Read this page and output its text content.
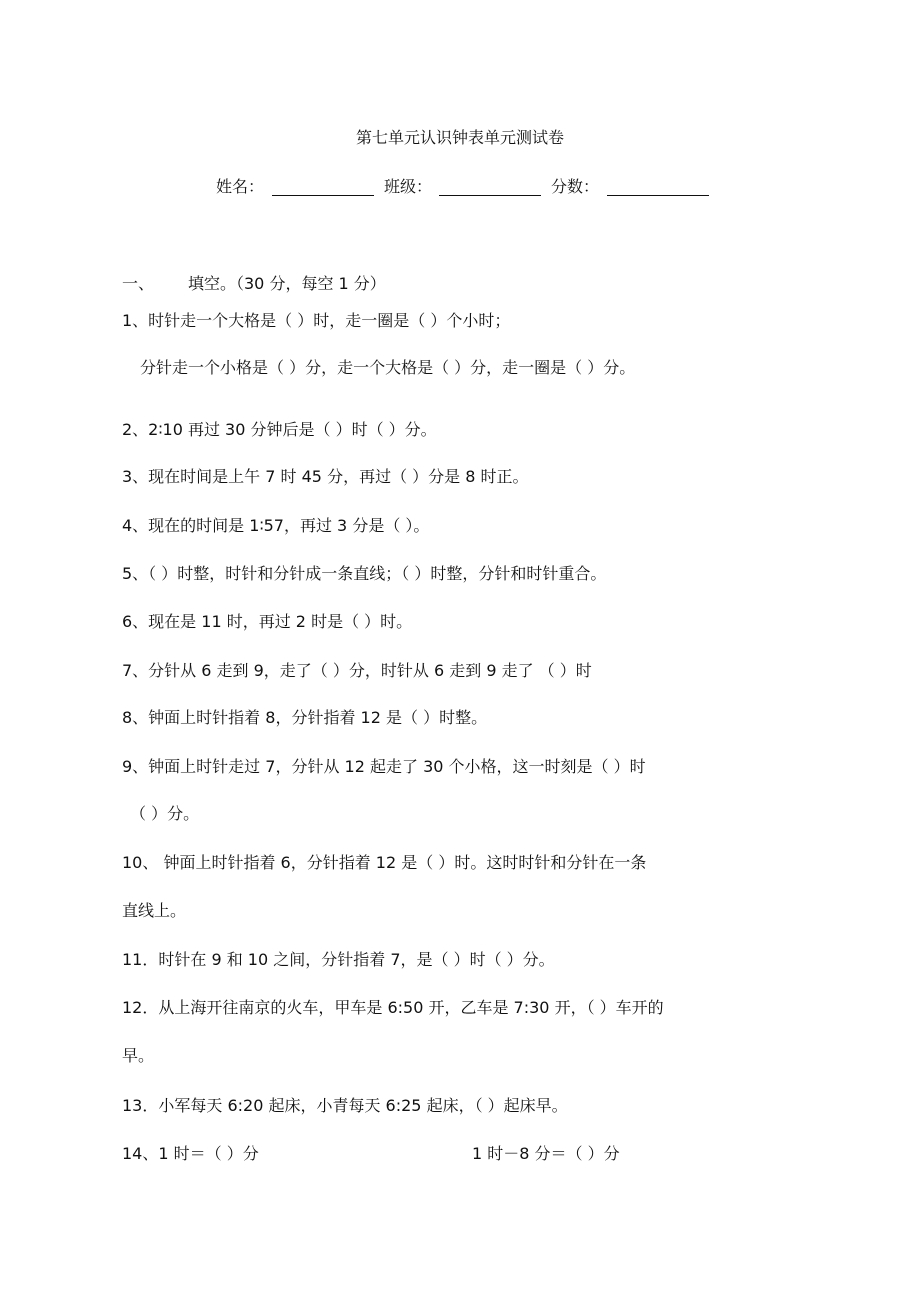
第七单元认识钟表单元测试卷
姓名：	班级：	分数：
一、 填空。（30 分，每空 1 分）
1、时针走一个大格是（ ）时，走一圈是（ ）个小时；
分针走一个小格是（ ）分，走一个大格是（ ）分，走一圈是（ ）分。
2、2∶10 再过 30 分钟后是（ ）时（ ）分。
3、现在时间是上午 7 时 45 分，再过（ ）分是 8 时正。
4、现在的时间是 1∶57，再过 3 分是（ ）。
5、（ ）时整，时针和分针成一条直线；（ ）时整，分针和时针重合。
6、现在是 11 时，再过 2 时是（ ）时。
7、分针从 6 走到 9，走了（ ）分，时针从 6 走到 9 走了 （ ）时
8、钟面上时针指着 8，分针指着 12 是（ ）时整。
9、钟面上时针走过 7，分针从 12 起走了 30 个小格，这一时刻是（ ）时
（ ）分。
10、 钟面上时针指着 6，分针指着 12 是（ ）时。这时时针和分针在一条
直线上。
11．时针在 9 和 10 之间，分针指着 7，是（ ）时（ ）分。
12．从上海开往南京的火车，甲车是 6:50 开，乙车是 7:30 开，（ ）车开的
早。
13．小军每天 6:20 起床，小青每天 6:25 起床，（ ）起床早。
14、1 时＝（ ）分	1 时－8 分＝（ ）分
